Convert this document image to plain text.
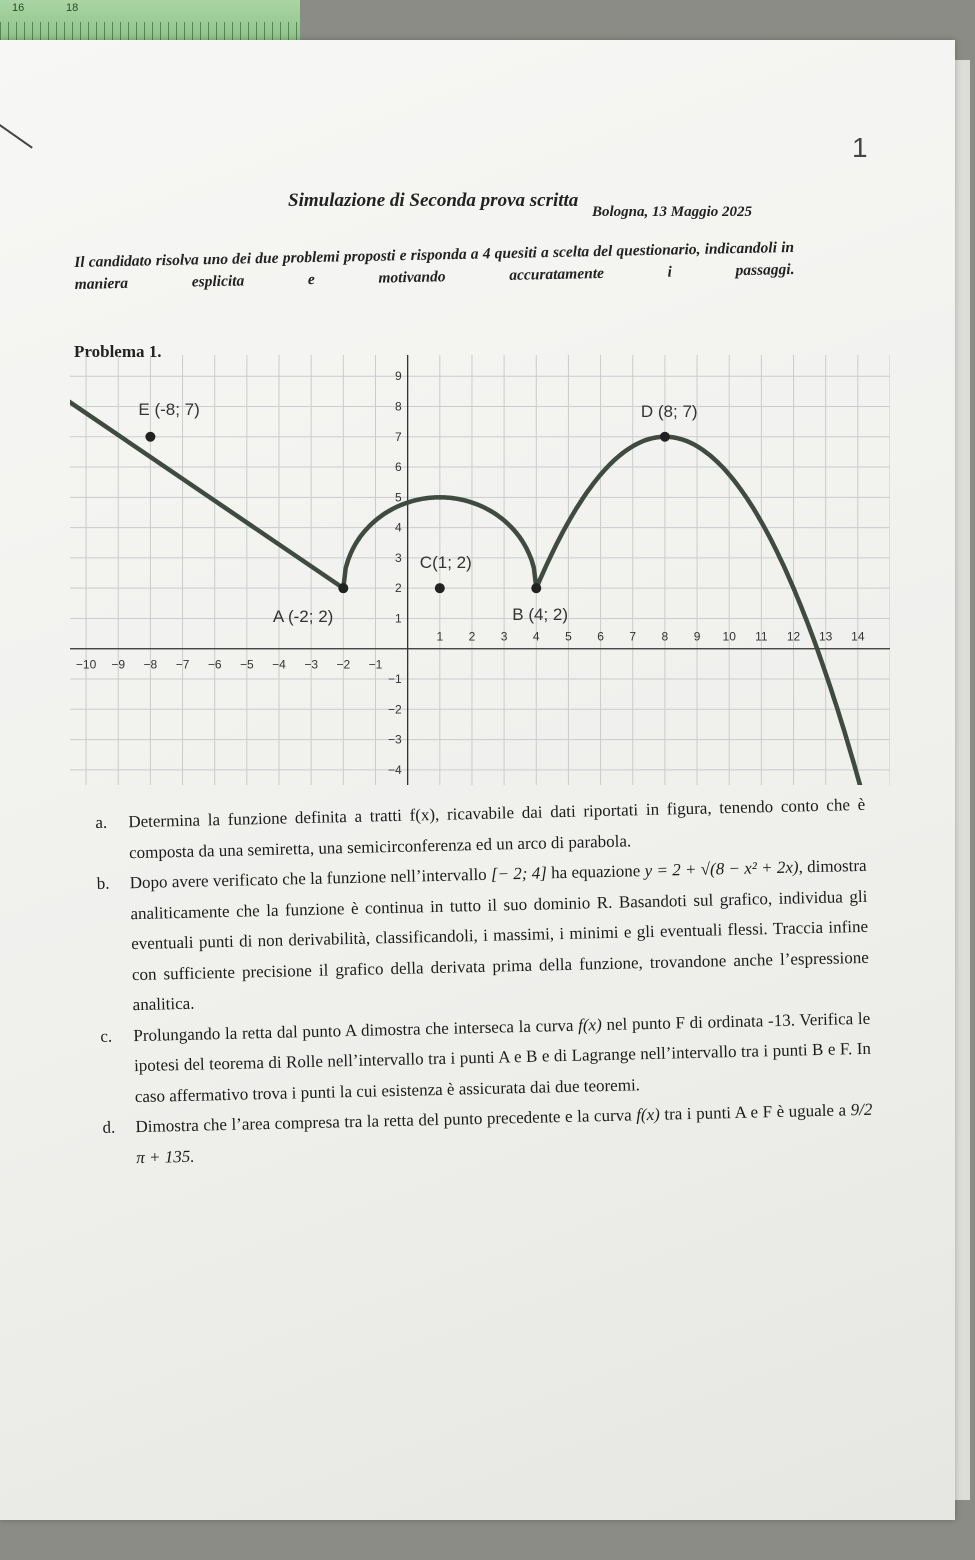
16	18
1
Simulazione di Seconda prova scritta
Bologna, 13 Maggio 2025
Il candidato risolva uno dei due problemi proposti e risponda a 4 quesiti a scelta del questionario, indicandoli in maniera esplicita e motivando accuratamente i passaggi.
Problema 1.
−10 −9 −8 −7 −6 −5 −4 −3 −2 −1
1 2 3 4 5 6 7 8 9 10 11 12 13 14
9
8
7
6
5
4
3
2
1
−1
−2
−3
−4
E (-8; 7)	D (8; 7)
A (-2; 2)	B (4; 2)
C(1; 2)
a. Determina la funzione definita a tratti f(x), ricavabile dai dati riportati in figura, tenendo conto che è composta da una semiretta, una semicirconferenza ed un arco di parabola.
b. Dopo avere verificato che la funzione nell’intervallo [− 2; 4] ha equazione y = 2 + √(8 − x² + 2x), dimostra analiticamente che la funzione è continua in tutto il suo dominio R. Basandoti sul grafico, individua gli eventuali punti di non derivabilità, classificandoli, i massimi, i minimi e gli eventuali flessi. Traccia infine con sufficiente precisione il grafico della derivata prima della funzione, trovandone anche l’espressione analitica.
c. Prolungando la retta dal punto A dimostra che interseca la curva f(x) nel punto F di ordinata -13. Verifica le ipotesi del teorema di Rolle nell’intervallo tra i punti A e B e di Lagrange nell’intervallo tra i punti B e F. In caso affermativo trova i punti la cui esistenza è assicurata dai due teoremi.
d. Dimostra che l’area compresa tra la retta del punto precedente e la curva f(x) tra i punti A e F è uguale a 9/2 π + 135.
